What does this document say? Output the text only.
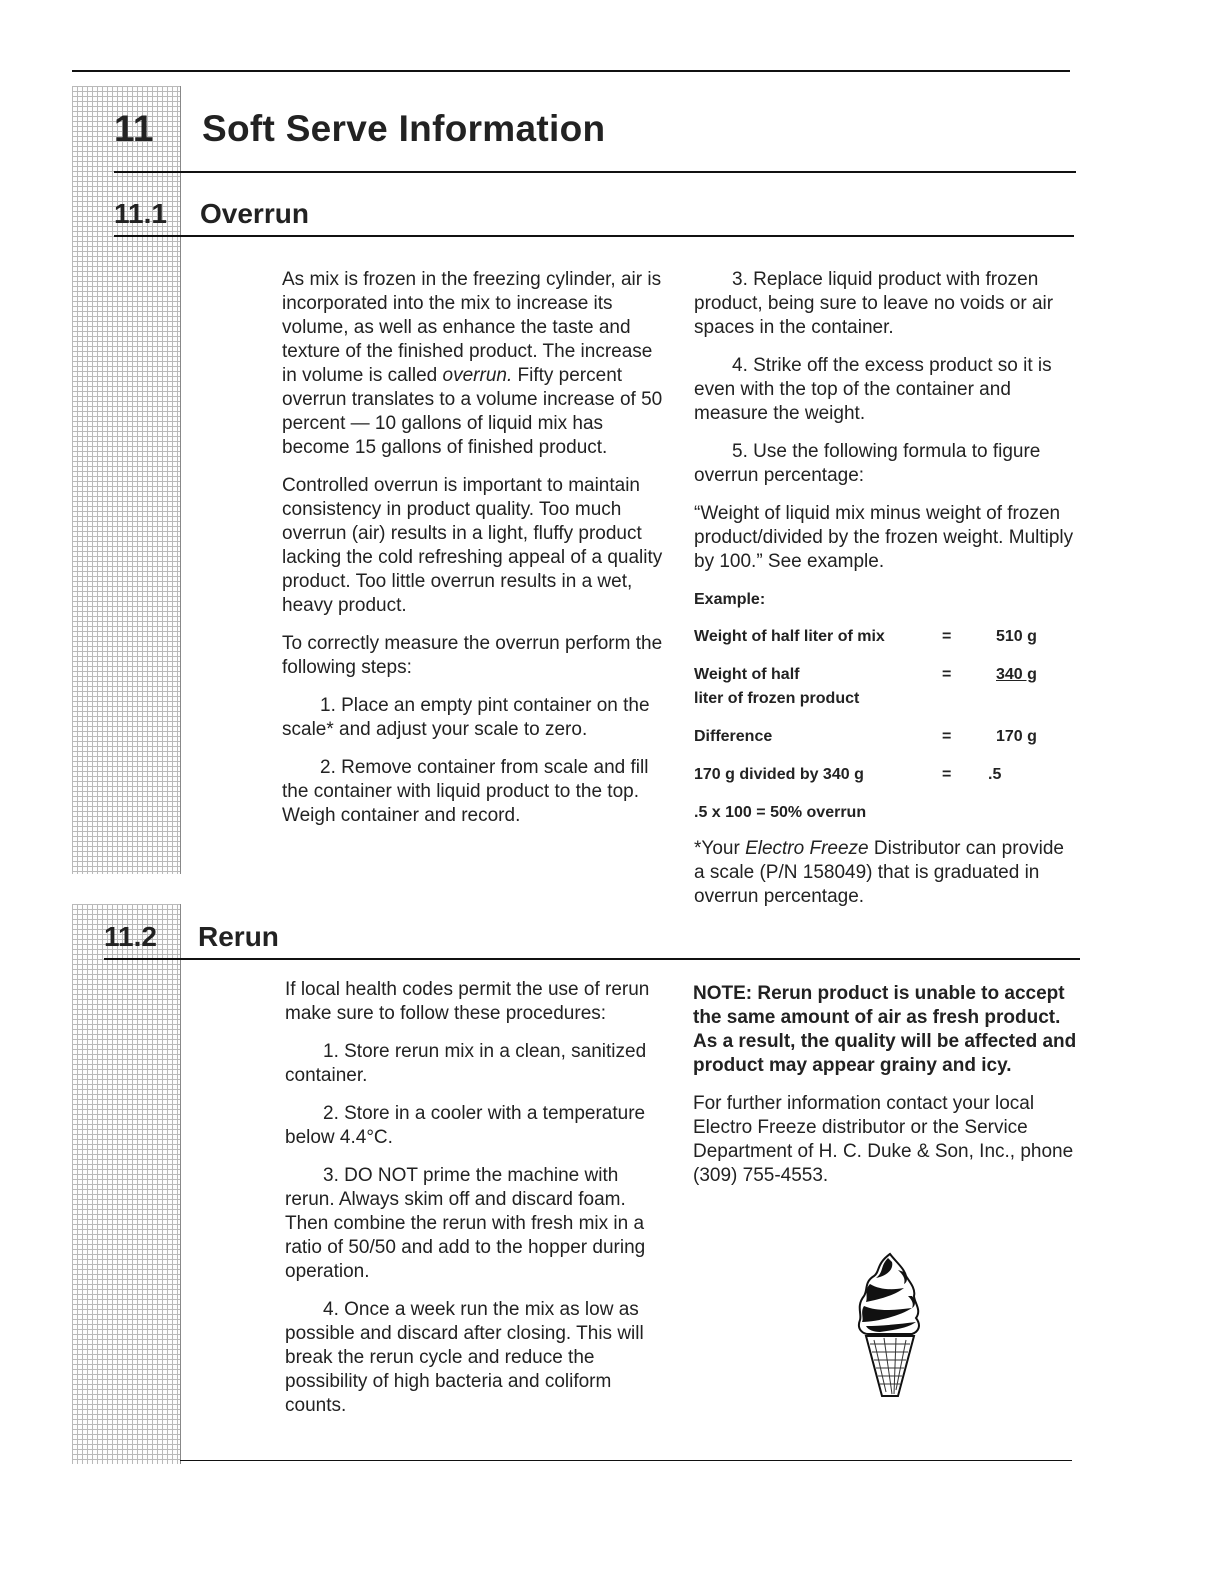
11	Soft Serve Information
11.1	Overrun

As mix is frozen in the freezing cylinder, air is incorporated into the mix to increase its volume, as well as enhance the taste and texture of the finished product. The increase in volume is called overrun. Fifty percent overrun translates to a volume increase of 50 percent — 10 gallons of liquid mix has become 15 gallons of finished product.

Controlled overrun is important to maintain consistency in product quality. Too much overrun (air) results in a light, fluffy product lacking the cold refreshing appeal of a quality product. Too little overrun results in a wet, heavy product.

To correctly measure the overrun perform the following steps:

1. Place an empty pint container on the scale* and adjust your scale to zero.

2. Remove container from scale and fill the container with liquid product to the top. Weigh container and record.

3. Replace liquid product with frozen product, being sure to leave no voids or air spaces in the container.

4. Strike off the excess product so it is even with the top of the container and measure the weight.

5. Use the following formula to figure overrun percentage:

“Weight of liquid mix minus weight of frozen product/divided by the frozen weight. Multiply by 100.” See example.

Example:
Weight of half liter of mix	=	510 g
Weight of half
liter of frozen product
=	340 g
Difference	=	170 g
170 g divided by 340 g	=	.5
.5 x 100 = 50% overrun

*Your Electro Freeze Distributor can provide a scale (P/N 158049) that is graduated in overrun percentage.

11.2	Rerun

If local health codes permit the use of rerun make sure to follow these procedures:

1. Store rerun mix in a clean, sanitized container.

2. Store in a cooler with a temperature below 4.4°C.

3. DO NOT prime the machine with rerun. Always skim off and discard foam. Then combine the rerun with fresh mix in a ratio of 50/50 and add to the hopper during operation.

4. Once a week run the mix as low as possible and discard after closing. This will break the rerun cycle and reduce the possibility of high bacteria and coliform counts.

NOTE: Rerun product is unable to accept the same amount of air as fresh product. As a result, the quality will be affected and product may appear grainy and icy.

For further information contact your local Electro Freeze distributor or the Service Department of H. C. Duke & Son, Inc., phone (309) 755-4553.
